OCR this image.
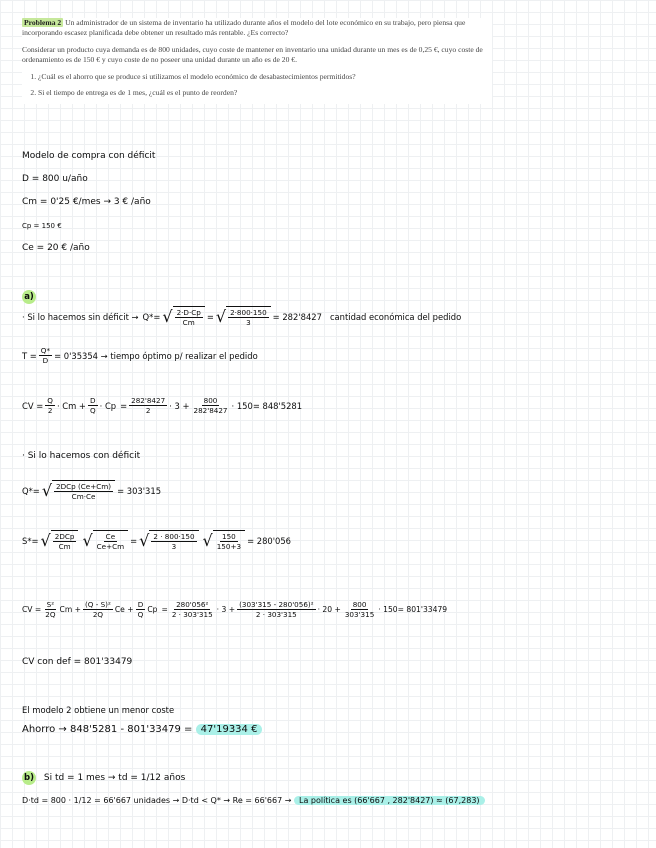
Problema 2 Un administrador de un sistema de inventario ha utilizado durante años el modelo del lote económico en su trabajo, pero piensa que incorporando escasez planificada debe obtener un resultado más rentable. ¿Es correcto?

Considerar un producto cuya demanda es de 800 unidades, cuyo coste de mantener en inventario una unidad durante un mes es de 0,25 €, cuyo coste de ordenamiento es de 150 € y cuyo coste de no poseer una unidad durante un año es de 20 €.

1. ¿Cuál es el ahorro que se produce si utilizamos el modelo económico de desabastecimientos permitidos?
2. Si el tiempo de entrega es de 1 mes, ¿cuál es el punto de reorden?
Modelo de compra con déficit
D = 800 u/año
Cm = 0'25 €/mes → 3 € /año
Cp = 150 €
Ce = 20 € /año
a)
· Si lo hacemos sin déficit → Q* = √ $\frac{2\cdot D\cdot Cp}{Cm}$ = √ $\frac{2\cdot 800\cdot 150}{3} = 282'8427$ cantidad económica del pedido
$T = \frac{Q*}{D} = 0'35354$ → tiempo óptimo p/ realizar el pedido
CV = $\frac{Q}{2} \cdot Cm + \frac{D}{Q} \cdot Cp = \frac{282'8427}{2} \cdot 3 + \frac{800}{282'8427} \cdot 150 = 848'5281$
· Si lo hacemos con déficit
Q* = √ $\frac{\text{2DCp (Ce+Cm)}}{Cm\cdot Ce} = 303'315$
S* = √ $\frac{\text{2DCp}}{Cm}$ √ $\frac{Ce}{Ce+Cm}$ = √ $\frac{2 \cdot 800\cdot 150}{3}$ √ $\frac{150}{150+3} = 280'056$
CV = $\frac{\text{S²}}{2Q}$ $Cm + \frac{\text{(Q - S)²}}{2Q}$ $Ce + \frac{D}{Q}$ $Cp = \frac{\text{280'056²}}{2 \cdot 303'315} \cdot 3 + \frac{\text{(303'315 - 280'056)²}}{2 \cdot 303'315} \cdot 20 + \frac{800}{303'315} \cdot 150 = 801'33479$
CV con def = 801'33479
El modelo 2 obtiene un menor coste
Ahorro → 848'5281 - 801'33479 = 47'19334 €
b) Si td = 1 mes → td = 1/12 años
D·td = 800 · 1/12 = 66'667 unidades → D·td < Q* → Re = 66'667 → La política es (66'667 , 282'8427) ≈ (67,283)
